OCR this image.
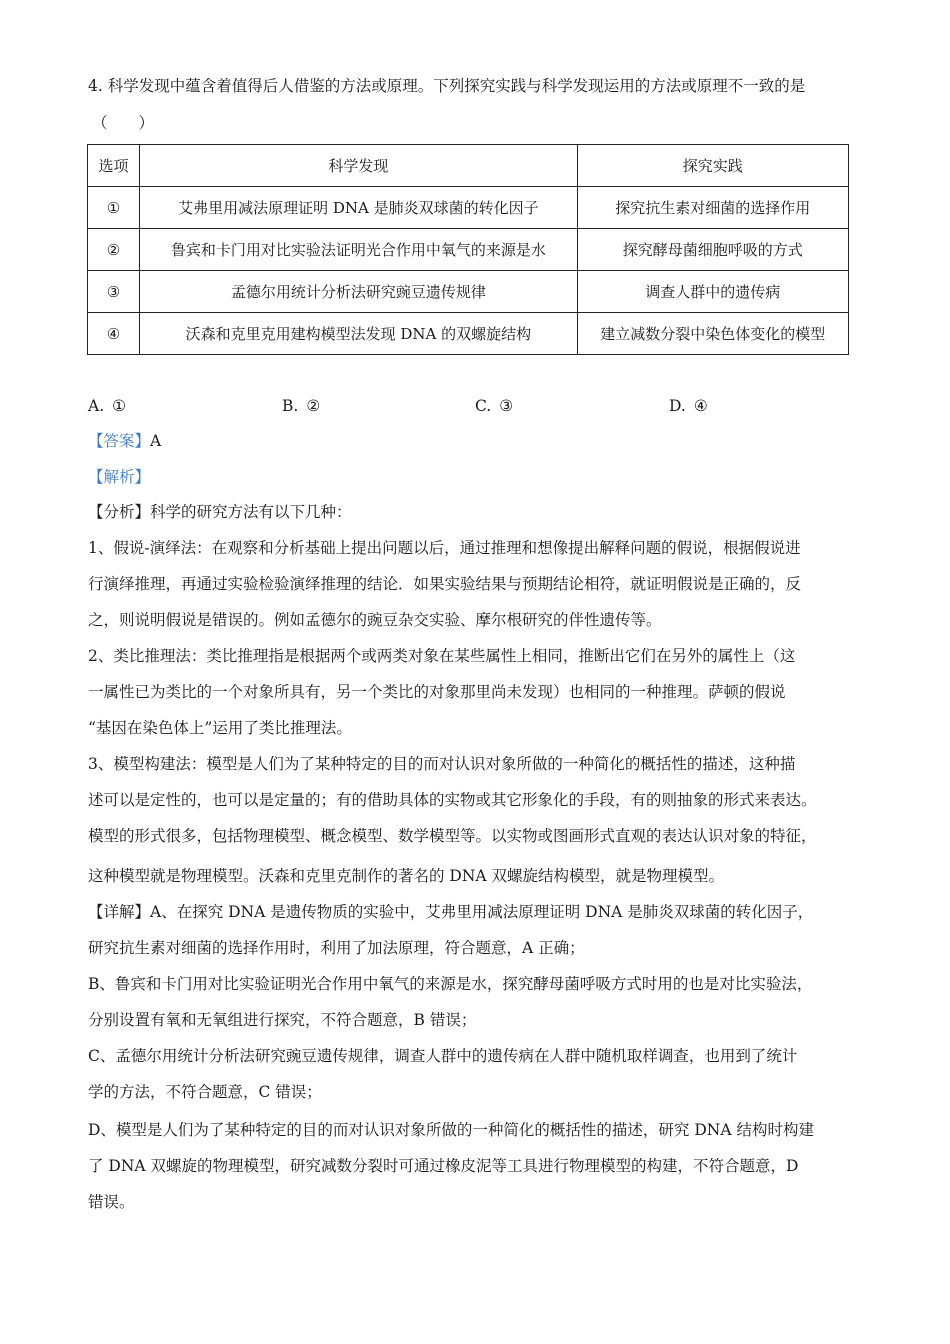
4. 科学发现中蕴含着值得后人借鉴的方法或原理。下列探究实践与科学发现运用的方法或原理不一致的是
（　　）
选项	科学发现	探究实践
①	艾弗里用减法原理证明 DNA 是肺炎双球菌的转化因子	探究抗生素对细菌的选择作用
②	鲁宾和卡门用对比实验法证明光合作用中氧气的来源是水	探究酵母菌细胞呼吸的方式
③	孟德尔用统计分析法研究豌豆遗传规律	调查人群中的遗传病
④	沃森和克里克用建构模型法发现 DNA 的双螺旋结构	建立减数分裂中染色体变化的模型
A. ①	B. ②	C. ③	D. ④
【答案】A
【解析】
【分析】科学的研究方法有以下几种：
1、假说-演绎法：在观察和分析基础上提出问题以后，通过推理和想像提出解释问题的假说，根据假说进
行演绎推理，再通过实验检验演绎推理的结论．如果实验结果与预期结论相符，就证明假说是正确的，反
之，则说明假说是错误的。例如孟德尔的豌豆杂交实验、摩尔根研究的伴性遗传等。
2、类比推理法：类比推理指是根据两个或两类对象在某些属性上相同，推断出它们在另外的属性上（这
一属性已为类比的一个对象所具有，另一个类比的对象那里尚未发现）也相同的一种推理。萨顿的假说
“基因在染色体上”运用了类比推理法。
3、模型构建法：模型是人们为了某种特定的目的而对认识对象所做的一种简化的概括性的描述，这种描
述可以是定性的，也可以是定量的；有的借助具体的实物或其它形象化的手段，有的则抽象的形式来表达。
模型的形式很多，包括物理模型、概念模型、数学模型等。以实物或图画形式直观的表达认识对象的特征，
这种模型就是物理模型。沃森和克里克制作的著名的 DNA 双螺旋结构模型，就是物理模型。
【详解】A、在探究 DNA 是遗传物质的实验中，艾弗里用减法原理证明 DNA 是肺炎双球菌的转化因子，
研究抗生素对细菌的选择作用时，利用了加法原理，符合题意，A 正确；
B、鲁宾和卡门用对比实验证明光合作用中氧气的来源是水，探究酵母菌呼吸方式时用的也是对比实验法，
分别设置有氧和无氧组进行探究，不符合题意，B 错误；
C、孟德尔用统计分析法研究豌豆遗传规律，调查人群中的遗传病在人群中随机取样调查，也用到了统计
学的方法，不符合题意，C 错误；
D、模型是人们为了某种特定的目的而对认识对象所做的一种简化的概括性的描述，研究 DNA 结构时构建
了 DNA 双螺旋的物理模型，研究减数分裂时可通过橡皮泥等工具进行物理模型的构建，不符合题意，D
错误。
